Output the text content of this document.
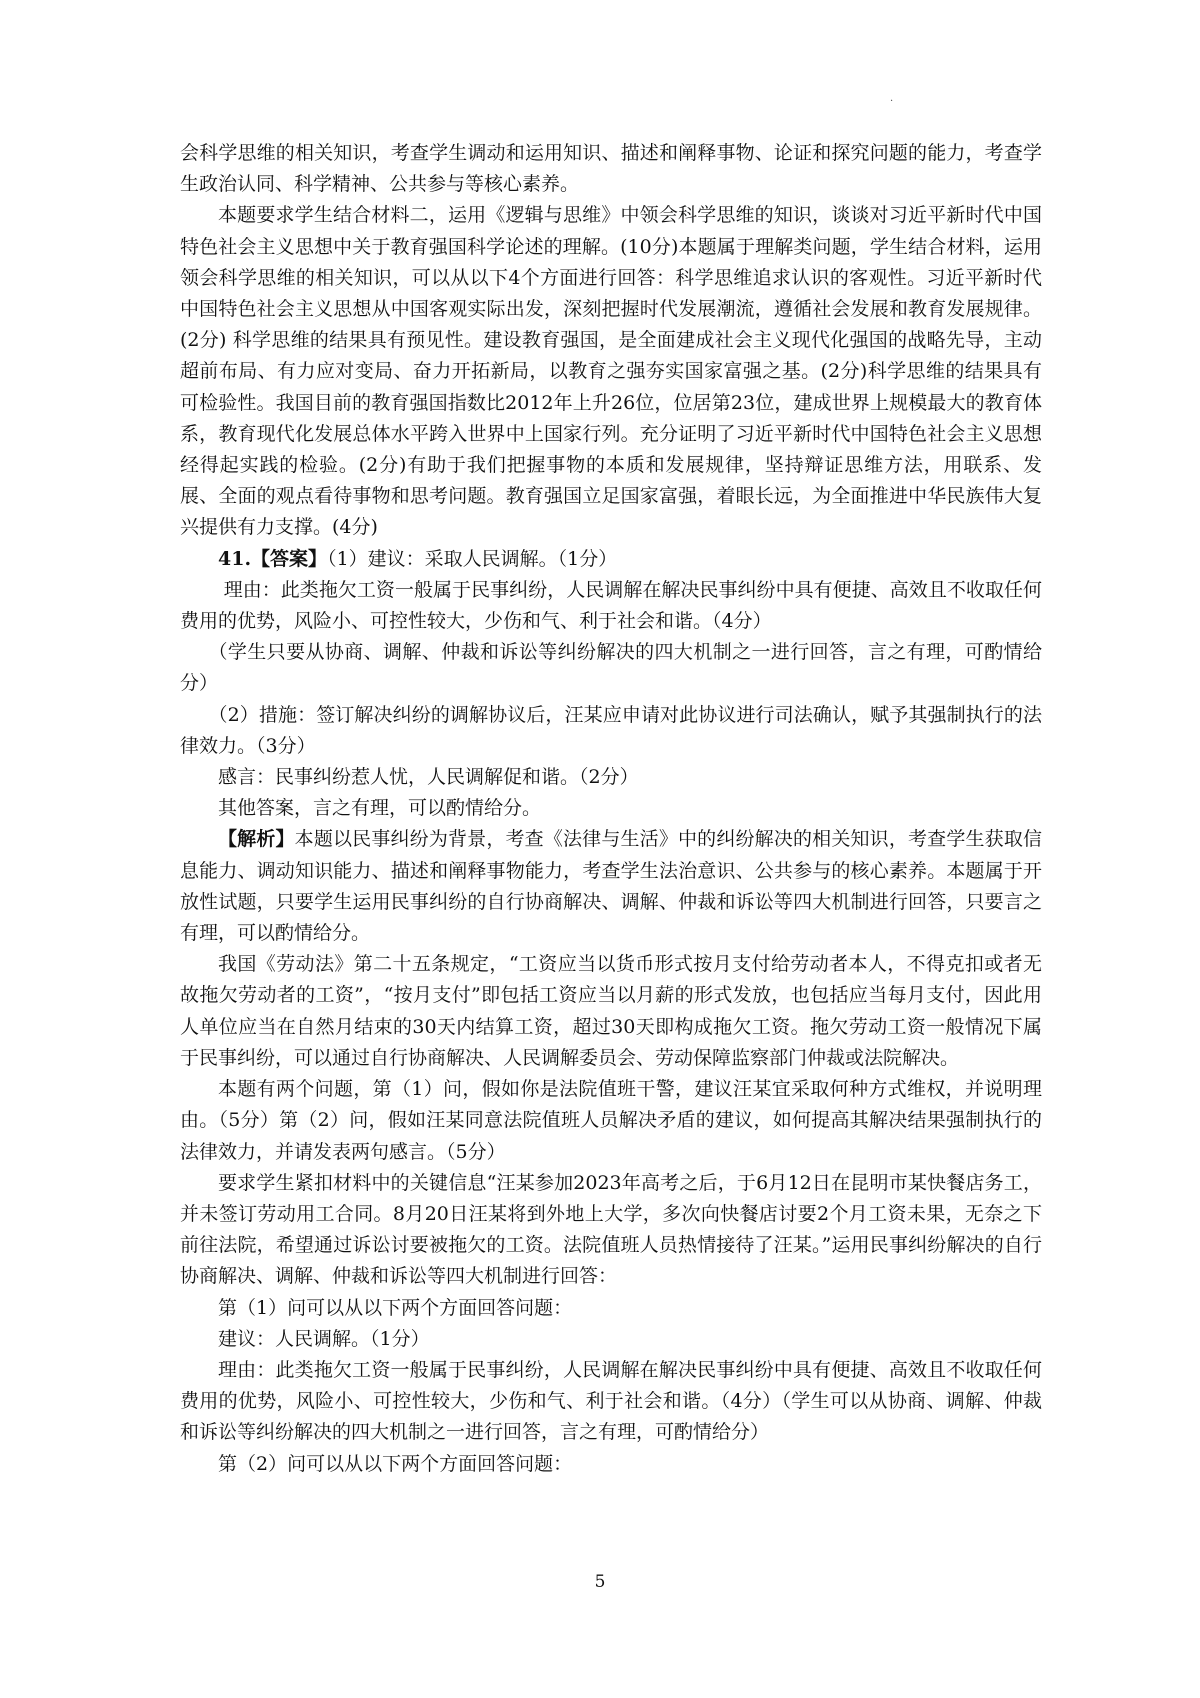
·

会科学思维的相关知识，考查学生调动和运用知识、描述和阐释事物、论证和探究问题的能力，考查学生政治认同、科学精神、公共参与等核心素养。

本题要求学生结合材料二，运用《逻辑与思维》中领会科学思维的知识，谈谈对习近平新时代中国特色社会主义思想中关于教育强国科学论述的理解。(10分)本题属于理解类问题，学生结合材料，运用领会科学思维的相关知识，可以从以下4个方面进行回答：科学思维追求认识的客观性。习近平新时代中国特色社会主义思想从中国客观实际出发，深刻把握时代发展潮流，遵循社会发展和教育发展规律。(2分) 科学思维的结果具有预见性。建设教育强国，是全面建成社会主义现代化强国的战略先导，主动超前布局、有力应对变局、奋力开拓新局，以教育之强夯实国家富强之基。(2分)科学思维的结果具有可检验性。我国目前的教育强国指数比2012年上升26位，位居第23位，建成世界上规模最大的教育体系，教育现代化发展总体水平跨入世界中上国家行列。充分证明了习近平新时代中国特色社会主义思想经得起实践的检验。(2分)有助于我们把握事物的本质和发展规律，坚持辩证思维方法，用联系、发展、全面的观点看待事物和思考问题。教育强国立足国家富强，着眼长远，为全面推进中华民族伟大复兴提供有力支撑。(4分)

41.【答案】（1）建议：采取人民调解。（1分）

理由：此类拖欠工资一般属于民事纠纷，人民调解在解决民事纠纷中具有便捷、高效且不收取任何费用的优势，风险小、可控性较大，少伤和气、利于社会和谐。（4分）

（学生只要从协商、调解、仲裁和诉讼等纠纷解决的四大机制之一进行回答，言之有理，可酌情给分）

（2）措施：签订解决纠纷的调解协议后，汪某应申请对此协议进行司法确认，赋予其强制执行的法律效力。（3分）

感言：民事纠纷惹人忧，人民调解促和谐。（2分）

其他答案，言之有理，可以酌情给分。

【解析】本题以民事纠纷为背景，考查《法律与生活》中的纠纷解决的相关知识，考查学生获取信息能力、调动知识能力、描述和阐释事物能力，考查学生法治意识、公共参与的核心素养。本题属于开放性试题，只要学生运用民事纠纷的自行协商解决、调解、仲裁和诉讼等四大机制进行回答，只要言之有理，可以酌情给分。

我国《劳动法》第二十五条规定，“工资应当以货币形式按月支付给劳动者本人，不得克扣或者无故拖欠劳动者的工资”，“按月支付”即包括工资应当以月薪的形式发放，也包括应当每月支付，因此用人单位应当在自然月结束的30天内结算工资，超过30天即构成拖欠工资。拖欠劳动工资一般情况下属于民事纠纷，可以通过自行协商解决、人民调解委员会、劳动保障监察部门仲裁或法院解决。

本题有两个问题，第（1）问，假如你是法院值班干警，建议汪某宜采取何种方式维权，并说明理由。（5分）第（2）问，假如汪某同意法院值班人员解决矛盾的建议，如何提高其解决结果强制执行的法律效力，并请发表两句感言。（5分）

要求学生紧扣材料中的关键信息“汪某参加2023年高考之后，于6月12日在昆明市某快餐店务工，并未签订劳动用工合同。8月20日汪某将到外地上大学，多次向快餐店讨要2个月工资未果，无奈之下前往法院，希望通过诉讼讨要被拖欠的工资。法院值班人员热情接待了汪某。”运用民事纠纷解决的自行协商解决、调解、仲裁和诉讼等四大机制进行回答：

第（1）问可以从以下两个方面回答问题：

建议：人民调解。（1分）

理由：此类拖欠工资一般属于民事纠纷，人民调解在解决民事纠纷中具有便捷、高效且不收取任何费用的优势，风险小、可控性较大，少伤和气、利于社会和谐。（4分）（学生可以从协商、调解、仲裁和诉讼等纠纷解决的四大机制之一进行回答，言之有理，可酌情给分）

第（2）问可以从以下两个方面回答问题：

5
